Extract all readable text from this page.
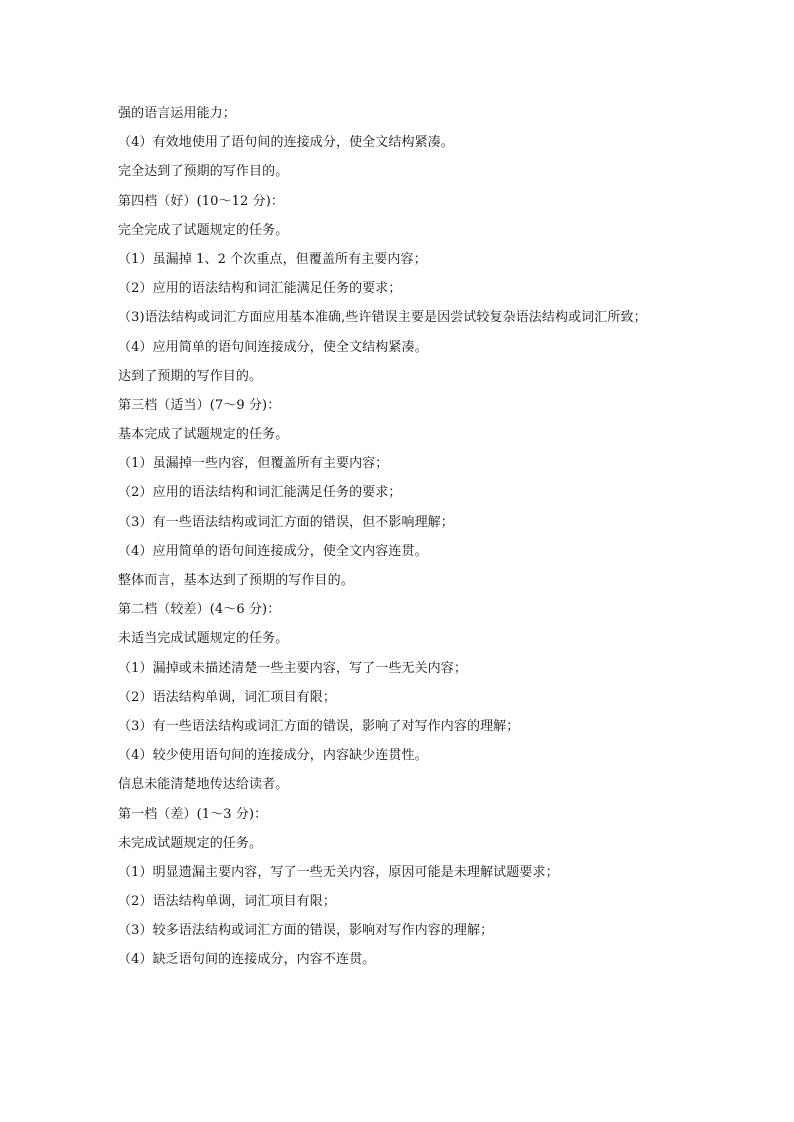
强的语言运用能力；
（4）有效地使用了语句间的连接成分，使全文结构紧凑。
完全达到了预期的写作目的。
第四档（好）(10～12 分)：
完全完成了试题规定的任务。
（1）虽漏掉 1、2 个次重点，但覆盖所有主要内容；
（2）应用的语法结构和词汇能满足任务的要求；
（3)语法结构或词汇方面应用基本准确,些许错误主要是因尝试较复杂语法结构或词汇所致；
（4）应用简单的语句间连接成分，使全文结构紧凑。
达到了预期的写作目的。
第三档（适当）(7～9 分)：
基本完成了试题规定的任务。
（1）虽漏掉一些内容，但覆盖所有主要内容；
（2）应用的语法结构和词汇能满足任务的要求；
（3）有一些语法结构或词汇方面的错误，但不影响理解；
（4）应用简单的语句间连接成分，使全文内容连贯。
整体而言，基本达到了预期的写作目的。
第二档（较差）(4～6 分)：
未适当完成试题规定的任务。
（1）漏掉或未描述清楚一些主要内容，写了一些无关内容；
（2）语法结构单调，词汇项目有限；
（3）有一些语法结构或词汇方面的错误，影响了对写作内容的理解；
（4）较少使用语句间的连接成分，内容缺少连贯性。
信息未能清楚地传达给读者。
第一档（差）(1～3 分)：
未完成试题规定的任务。
（1）明显遗漏主要内容，写了一些无关内容，原因可能是未理解试题要求；
（2）语法结构单调，词汇项目有限；
（3）较多语法结构或词汇方面的错误，影响对写作内容的理解；
（4）缺乏语句间的连接成分，内容不连贯。
